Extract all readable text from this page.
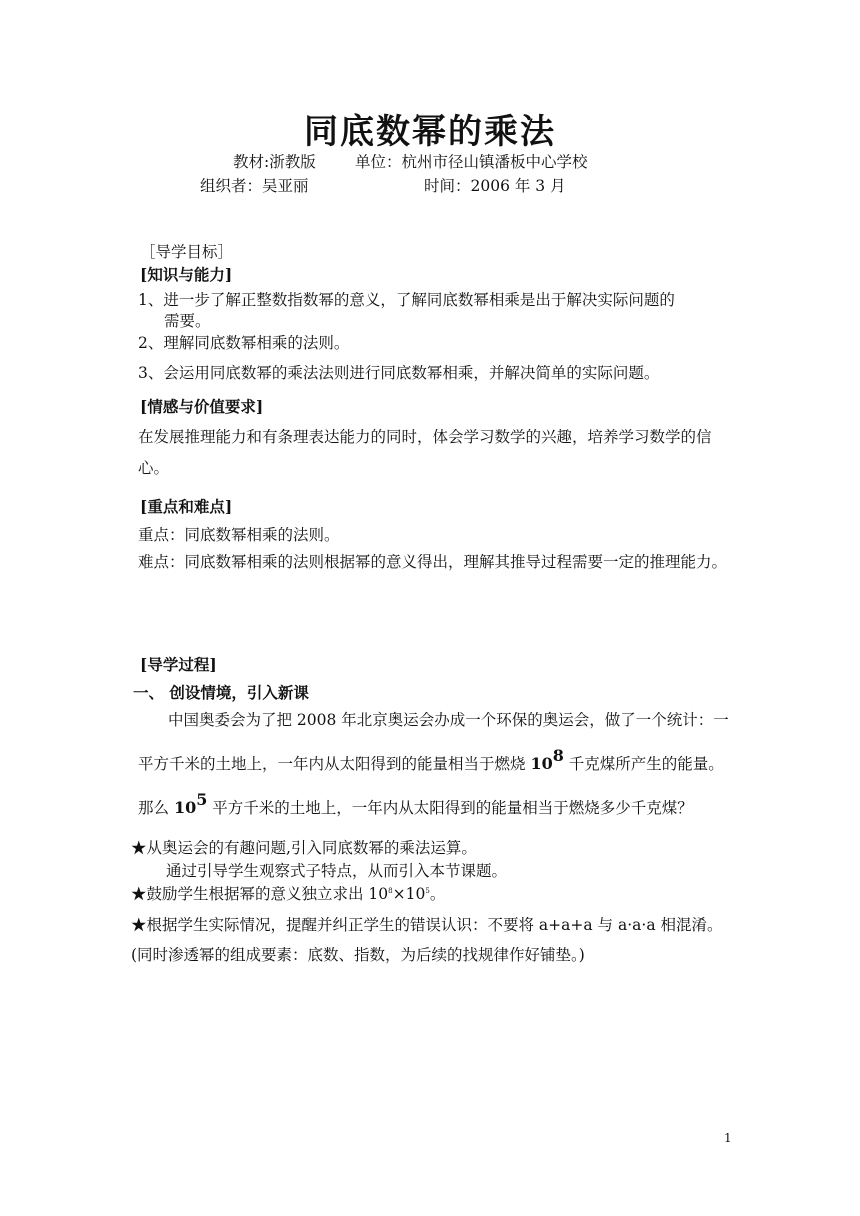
同底数幂的乘法
教材:浙教版	单位：杭州市径山镇潘板中心学校
组织者：吴亚丽	时间：2006 年 3 月
［导学目标］
[知识与能力]
1、进一步了解正整数指数幂的意义，了解同底数幂相乘是出于解决实际问题的
需要。
2、理解同底数幂相乘的法则。
3、会运用同底数幂的乘法法则进行同底数幂相乘，并解决简单的实际问题。
[情感与价值要求]
在发展推理能力和有条理表达能力的同时，体会学习数学的兴趣，培养学习数学的信心。
[重点和难点]
重点：同底数幂相乘的法则。
难点：同底数幂相乘的法则根据幂的意义得出，理解其推导过程需要一定的推理能力。
[导学过程]
一、 创设情境，引入新课
中国奥委会为了把 2008 年北京奥运会办成一个环保的奥运会，做了一个统计：一平方千米的土地上，一年内从太阳得到的能量相当于燃烧 108 千克煤所产生的能量。那么 105 平方千米的土地上，一年内从太阳得到的能量相当于燃烧多少千克煤？
★从奥运会的有趣问题,引入同底数幂的乘法运算。
通过引导学生观察式子特点，从而引入本节课题。
★鼓励学生根据幂的意义独立求出 $10^8\times 10^5$。
★根据学生实际情况，提醒并纠正学生的错误认识：不要将 a+a+a 与 a·a·a 相混淆。(同时渗透幂的组成要素：底数、指数，为后续的找规律作好铺垫。)
1
